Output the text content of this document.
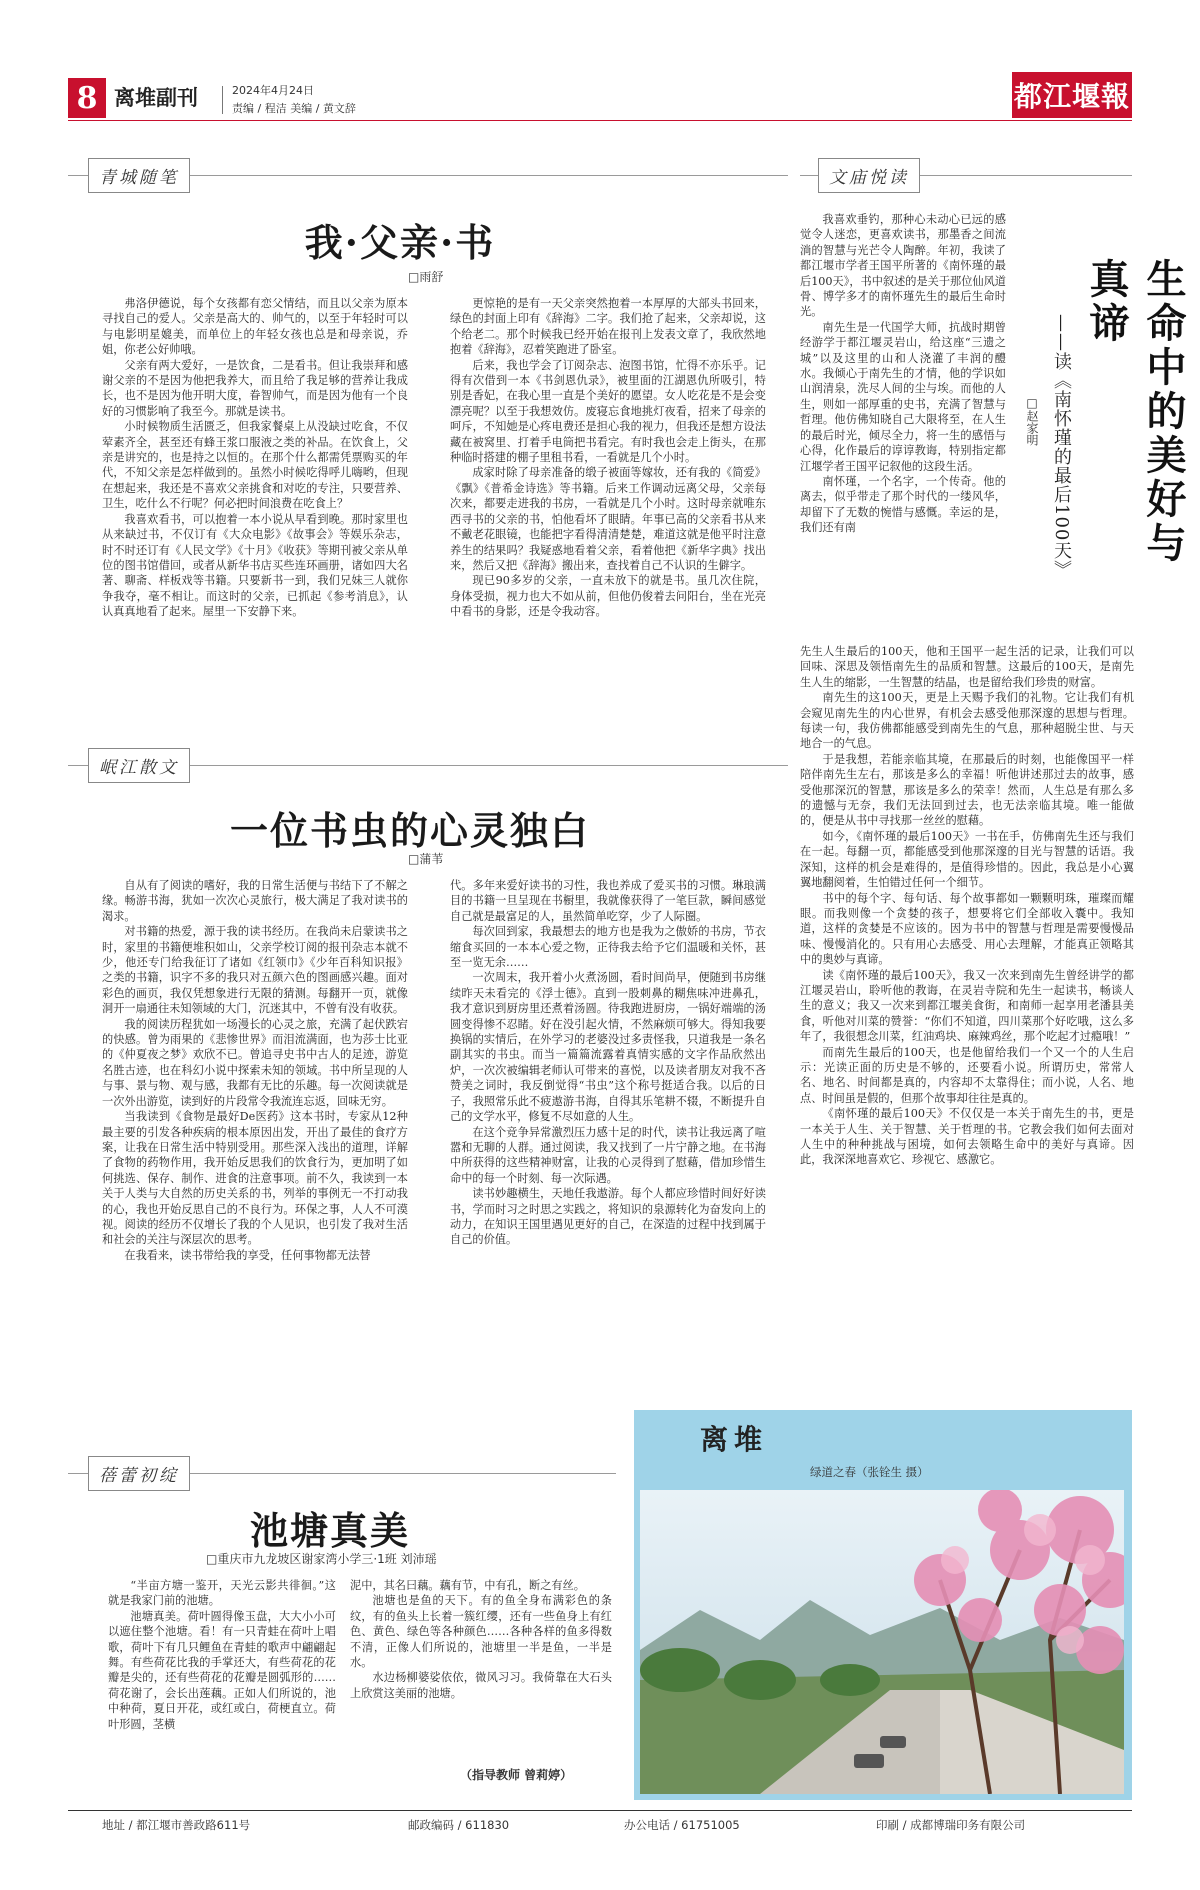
8 离堆副刊	2024年4月24日
责编 / 程洁 美编 / 黄文辞	都江堰報
青城随笔
我·父亲·书
□雨舒

弗洛伊德说，每个女孩都有恋父情结，而且以父亲为原本寻找自己的爱人。父亲是高大的、帅气的，以至于年轻时可以与电影明星媲美，而单位上的年轻女孩也总是和母亲说，乔姐，你老公好帅哦。

父亲有两大爱好，一是饮食，二是看书。但让我崇拜和感谢父亲的不是因为他把我养大，而且给了我足够的营养让我成长，也不是因为他开明大度，眷智帅气，而是因为他有一个良好的习惯影响了我至今。那就是读书。

小时候物质生活匮乏，但我家餐桌上从没缺过吃食，不仅荤素齐全，甚至还有蜂王浆口服液之类的补品。在饮食上，父亲是讲究的，也是持之以恒的。在那个什么都需凭票购买的年代，不知父亲是怎样做到的。虽然小时候吃得呼儿嗨哟，但现在想起来，我还是不喜欢父亲挑食和对吃的专注，只要营养、卫生，吃什么不行呢？何必把时间浪费在吃食上？

我喜欢看书，可以抱着一本小说从早看到晚。那时家里也从来缺过书，不仅订有《大众电影》《故事会》等娱乐杂志，时不时还订有《人民文学》《十月》《收获》等期刊被父亲从单位的图书馆借回，或者从新华书店买些连环画册，诸如四大名著、聊斋、样板戏等书籍。只要新书一到，我们兄妹三人就你争我夺，毫不相让。而这时的父亲，已抓起《参考消息》，认认真真地看了起来。屋里一下安静下来。

更惊艳的是有一天父亲突然抱着一本厚厚的大部头书回来，绿色的封面上印有《辞海》二字。我们抢了起来，父亲却说，这个给老二。那个时候我已经开始在报刊上发表文章了，我欣然地抱着《辞海》，忍着笑跑进了卧室。

后来，我也学会了订阅杂志、泡图书馆，忙得不亦乐乎。记得有次借到一本《书剑恩仇录》，被里面的江湖恩仇所吸引，特别是香妃，在我心里一直是个美好的愿望。女人吃花是不是会变漂亮呢？以至于我想效仿。废寝忘食地挑灯夜看，招来了母亲的呵斥，不知她是心疼电费还是担心我的视力，但我还是想方设法藏在被窝里、打着手电筒把书看完。有时我也会走上街头，在那种临时搭建的棚子里租书看，一看就是几个小时。

成家时除了母亲准备的缎子被面等嫁妆，还有我的《简爱》《飘》《普希金诗选》等书籍。后来工作调动远离父母，父亲每次来，都要走进我的书房，一看就是几个小时。这时母亲就唯东西寻书的父亲的书，怕他看坏了眼睛。年事已高的父亲看书从来不戴老花眼镜，也能把字看得清清楚楚，难道这就是他平时注意养生的结果吗？我疑惑地看着父亲，看着他把《新华字典》找出来，然后又把《辞海》搬出来，查找着自己不认识的生僻字。

现已90多岁的父亲，一直未放下的就是书。虽几次住院，身体受损，视力也大不如从前，但他仍俊着去问阳台，坐在光亮中看书的身影，还是令我动容。

岷江散文
一位书虫的心灵独白
□蒲苇

自从有了阅读的嗜好，我的日常生活便与书结下了不解之缘。畅游书海，犹如一次次心灵旅行，极大满足了我对读书的渴求。

对书籍的热爱，源于我的读书经历。在我尚未启蒙读书之时，家里的书籍便堆积如山，父亲学校订阅的报刊杂志本就不少，他还专门给我征订了诸如《红领巾》《少年百科知识报》之类的书籍，识字不多的我只对五颜六色的图画感兴趣。面对彩色的画页，我仅凭想象进行无限的猜测。每翻开一页，就像洞开一扇通往未知领域的大门，沉迷其中，不曾有没有收获。

我的阅读历程犹如一场漫长的心灵之旅，充满了起伏跌宕的快感。曾为雨果的《悲惨世界》而泪流满面，也为莎士比亚的《仲夏夜之梦》欢欣不已。曾追寻史书中古人的足迹，游览名胜古迹，也在科幻小说中探索未知的领域。书中所呈现的人与事、景与物、观与感，我都有无比的乐趣。每一次阅读就是一次外出游览，读到好的片段常令我流连忘返，回味无穷。

当我读到《食物是最好De医药》这本书时，专家从12种最主要的引发各种疾病的根本原因出发，开出了最佳的食疗方案，让我在日常生活中特别受用。那些深入浅出的道理，详解了食物的药物作用，我开始反思我们的饮食行为，更加明了如何挑选、保存、制作、进食的注意事项。前不久，我读到一本关于人类与大自然的历史关系的书，列举的事例无一不打动我的心，我也开始反思自己的不良行为。环保之事，人人不可漠视。阅读的经历不仅增长了我的个人见识，也引发了我对生活和社会的关注与深层次的思考。

在我看来，读书带给我的享受，任何事物都无法替

代。多年来爱好读书的习性，我也养成了爱买书的习惯。琳琅满目的书籍一旦呈现在书橱里，我就像获得了一笔巨款，瞬间感觉自己就是最富足的人，虽然简单吃穿，少了人际圈。

每次回到家，我最想去的地方也是我为之傲娇的书房，节衣缩食买回的一本本心爱之物，正待我去给予它们温暖和关怀，甚至一览无余……

一次周末，我开着小火煮汤圆，看时间尚早，便随到书房继续昨天未看完的《浮士德》。直到一股刺鼻的糊焦味冲进鼻孔，我才意识到厨房里还煮着汤圆。待我跑进厨房，一锅好端端的汤圆变得惨不忍睹。好在没引起火情，不然麻烦可够大。得知我要换锅的实情后，在外学习的老婆没过多责怪我，只道我是一条名副其实的书虫。而当一篇篇流露着真情实感的文字作品欣然出炉，一次次被编辑老师认可带来的喜悦，以及读者朋友对我不吝赞美之词时，我反倒觉得“书虫”这个称号挺适合我。以后的日子，我照常乐此不疲遨游书海，自得其乐笔耕不辍，不断提升自己的文学水平，修复不尽如意的人生。

在这个竞争异常激烈压力感十足的时代，读书让我远离了喧嚣和无聊的人群。通过阅读，我又找到了一片宁静之地。在书海中所获得的这些精神财富，让我的心灵得到了慰藉，借加珍惜生命中的每一个时刻、每一次际遇。

读书妙趣横生，天地任我遨游。每个人都应珍惜时间好好读书，学而时习之时思之实践之，将知识的泉源转化为奋发向上的动力，在知识王国里遇见更好的自己，在深造的过程中找到属于自己的价值。

文庙悦读
生命中的美好与真谛
——读《南怀瑾的最后100天》
□赵家明

我喜欢垂钓，那种心未动心已远的感觉令人迷恋，更喜欢读书，那墨香之间流淌的智慧与光芒令人陶醉。年初，我读了都江堰市学者王国平所著的《南怀瑾的最后100天》，书中叙述的是关于那位仙风道骨、博学多才的南怀瑾先生的最后生命时光。

南先生是一代国学大师，抗战时期曾经游学于都江堰灵岩山，给这座“三遗之城”以及这里的山和人浇灌了丰润的醴水。我倾心于南先生的才情，他的学识如山润清泉，洗尽人间的尘与埃。而他的人生，则如一部厚重的史书，充满了智慧与哲理。他仿佛知晓自己大限将至，在人生的最后时光，倾尽全力，将一生的感悟与心得，化作最后的谆谆教诲，特别指定都江堰学者王国平记叙他的这段生活。

南怀瑾，一个名字，一个传奇。他的离去，似乎带走了那个时代的一缕风华，却留下了无数的惋惜与感慨。幸运的是，我们还有南

先生人生最后的100天，他和王国平一起生活的记录，让我们可以回味、深思及领悟南先生的品质和智慧。这最后的100天，是南先生人生的缩影，一生智慧的结晶，也是留给我们珍贵的财富。

南先生的这100天，更是上天赐予我们的礼物。它让我们有机会窥见南先生的内心世界，有机会去感受他那深邃的思想与哲理。每读一句，我仿佛都能感受到南先生的气息，那种超脱尘世、与天地合一的气息。

于是我想，若能亲临其境，在那最后的时刻，也能像国平一样陪伴南先生左右，那该是多么的幸福！听他讲述那过去的故事，感受他那深沉的智慧，那该是多么的荣幸！然而，人生总是有那么多的遗憾与无奈，我们无法回到过去，也无法亲临其境。唯一能做的，便是从书中寻找那一丝丝的慰藉。

如今，《南怀瑾的最后100天》一书在手，仿佛南先生还与我们在一起。每翻一页，都能感受到他那深邃的目光与智慧的话语。我深知，这样的机会是难得的，是值得珍惜的。因此，我总是小心翼翼地翻阅着，生怕错过任何一个细节。

书中的每个字、每句话、每个故事都如一颗颗明珠，璀璨而耀眼。而我则像一个贪婪的孩子，想要将它们全部收入囊中。我知道，这样的贪婪是不应该的。因为书中的智慧与哲理是需要慢慢品味、慢慢消化的。只有用心去感受、用心去理解，才能真正领略其中的奥妙与真谛。

读《南怀瑾的最后100天》，我又一次来到南先生曾经讲学的都江堰灵岩山，聆听他的教诲，在灵岩寺院和先生一起读书，畅谈人生的意义；我又一次来到都江堰美食街，和南师一起享用老潘县美食，听他对川菜的赞誉：“你们不知道，四川菜那个好吃哦，这么多年了，我很想念川菜，红油鸡块、麻辣鸡丝，那个吃起才过瘾哦！”

而南先生最后的100天，也是他留给我们一个又一个的人生启示：光读正面的历史是不够的，还要看小说。所谓历史，常常人名、地名、时间都是真的，内容却不太靠得住；而小说，人名、地点、时间虽是假的，但那个故事却往往是真的。

《南怀瑾的最后100天》不仅仅是一本关于南先生的书，更是一本关于人生、关于智慧、关于哲理的书。它教会我们如何去面对人生中的种种挑战与困境，如何去领略生命中的美好与真谛。因此，我深深地喜欢它、珍视它、感激它。

蓓蕾初绽
池塘真美
□重庆市九龙坡区谢家湾小学三·1班 刘沛瑶

“半亩方塘一鉴开，天光云影共徘徊。”这就是我家门前的池塘。

池塘真美。荷叶圆得像玉盘，大大小小可以遮住整个池塘。看！有一只青蛙在荷叶上唱歌，荷叶下有几只鲤鱼在青蛙的歌声中翩翩起舞。有些荷花比我的手掌还大，有些荷花的花瓣是尖的，还有些荷花的花瓣是圆弧形的……荷花谢了，会长出莲藕。正如人们所说的，池中种荷，夏日开花，或红或白，荷梗直立。荷叶形圆，茎横

泥中，其名曰藕。藕有节，中有孔，断之有丝。

池塘也是鱼的天下。有的鱼全身布满彩色的条纹，有的鱼头上长着一簇红缨，还有一些鱼身上有红色、黄色、绿色等各种颜色……各种各样的鱼多得数不清，正像人们所说的，池塘里一半是鱼，一半是水。

水边杨柳婆娑依依，微风习习。我倚靠在大石头上欣赏这美丽的池塘。

（指导教师 曾莉婷）
离堆
绿道之春（张铨生 摄）
地址 / 都江堰市善政路611号	邮政编码 / 611830	办公电话 / 61751005	印刷 / 成都博瑞印务有限公司
